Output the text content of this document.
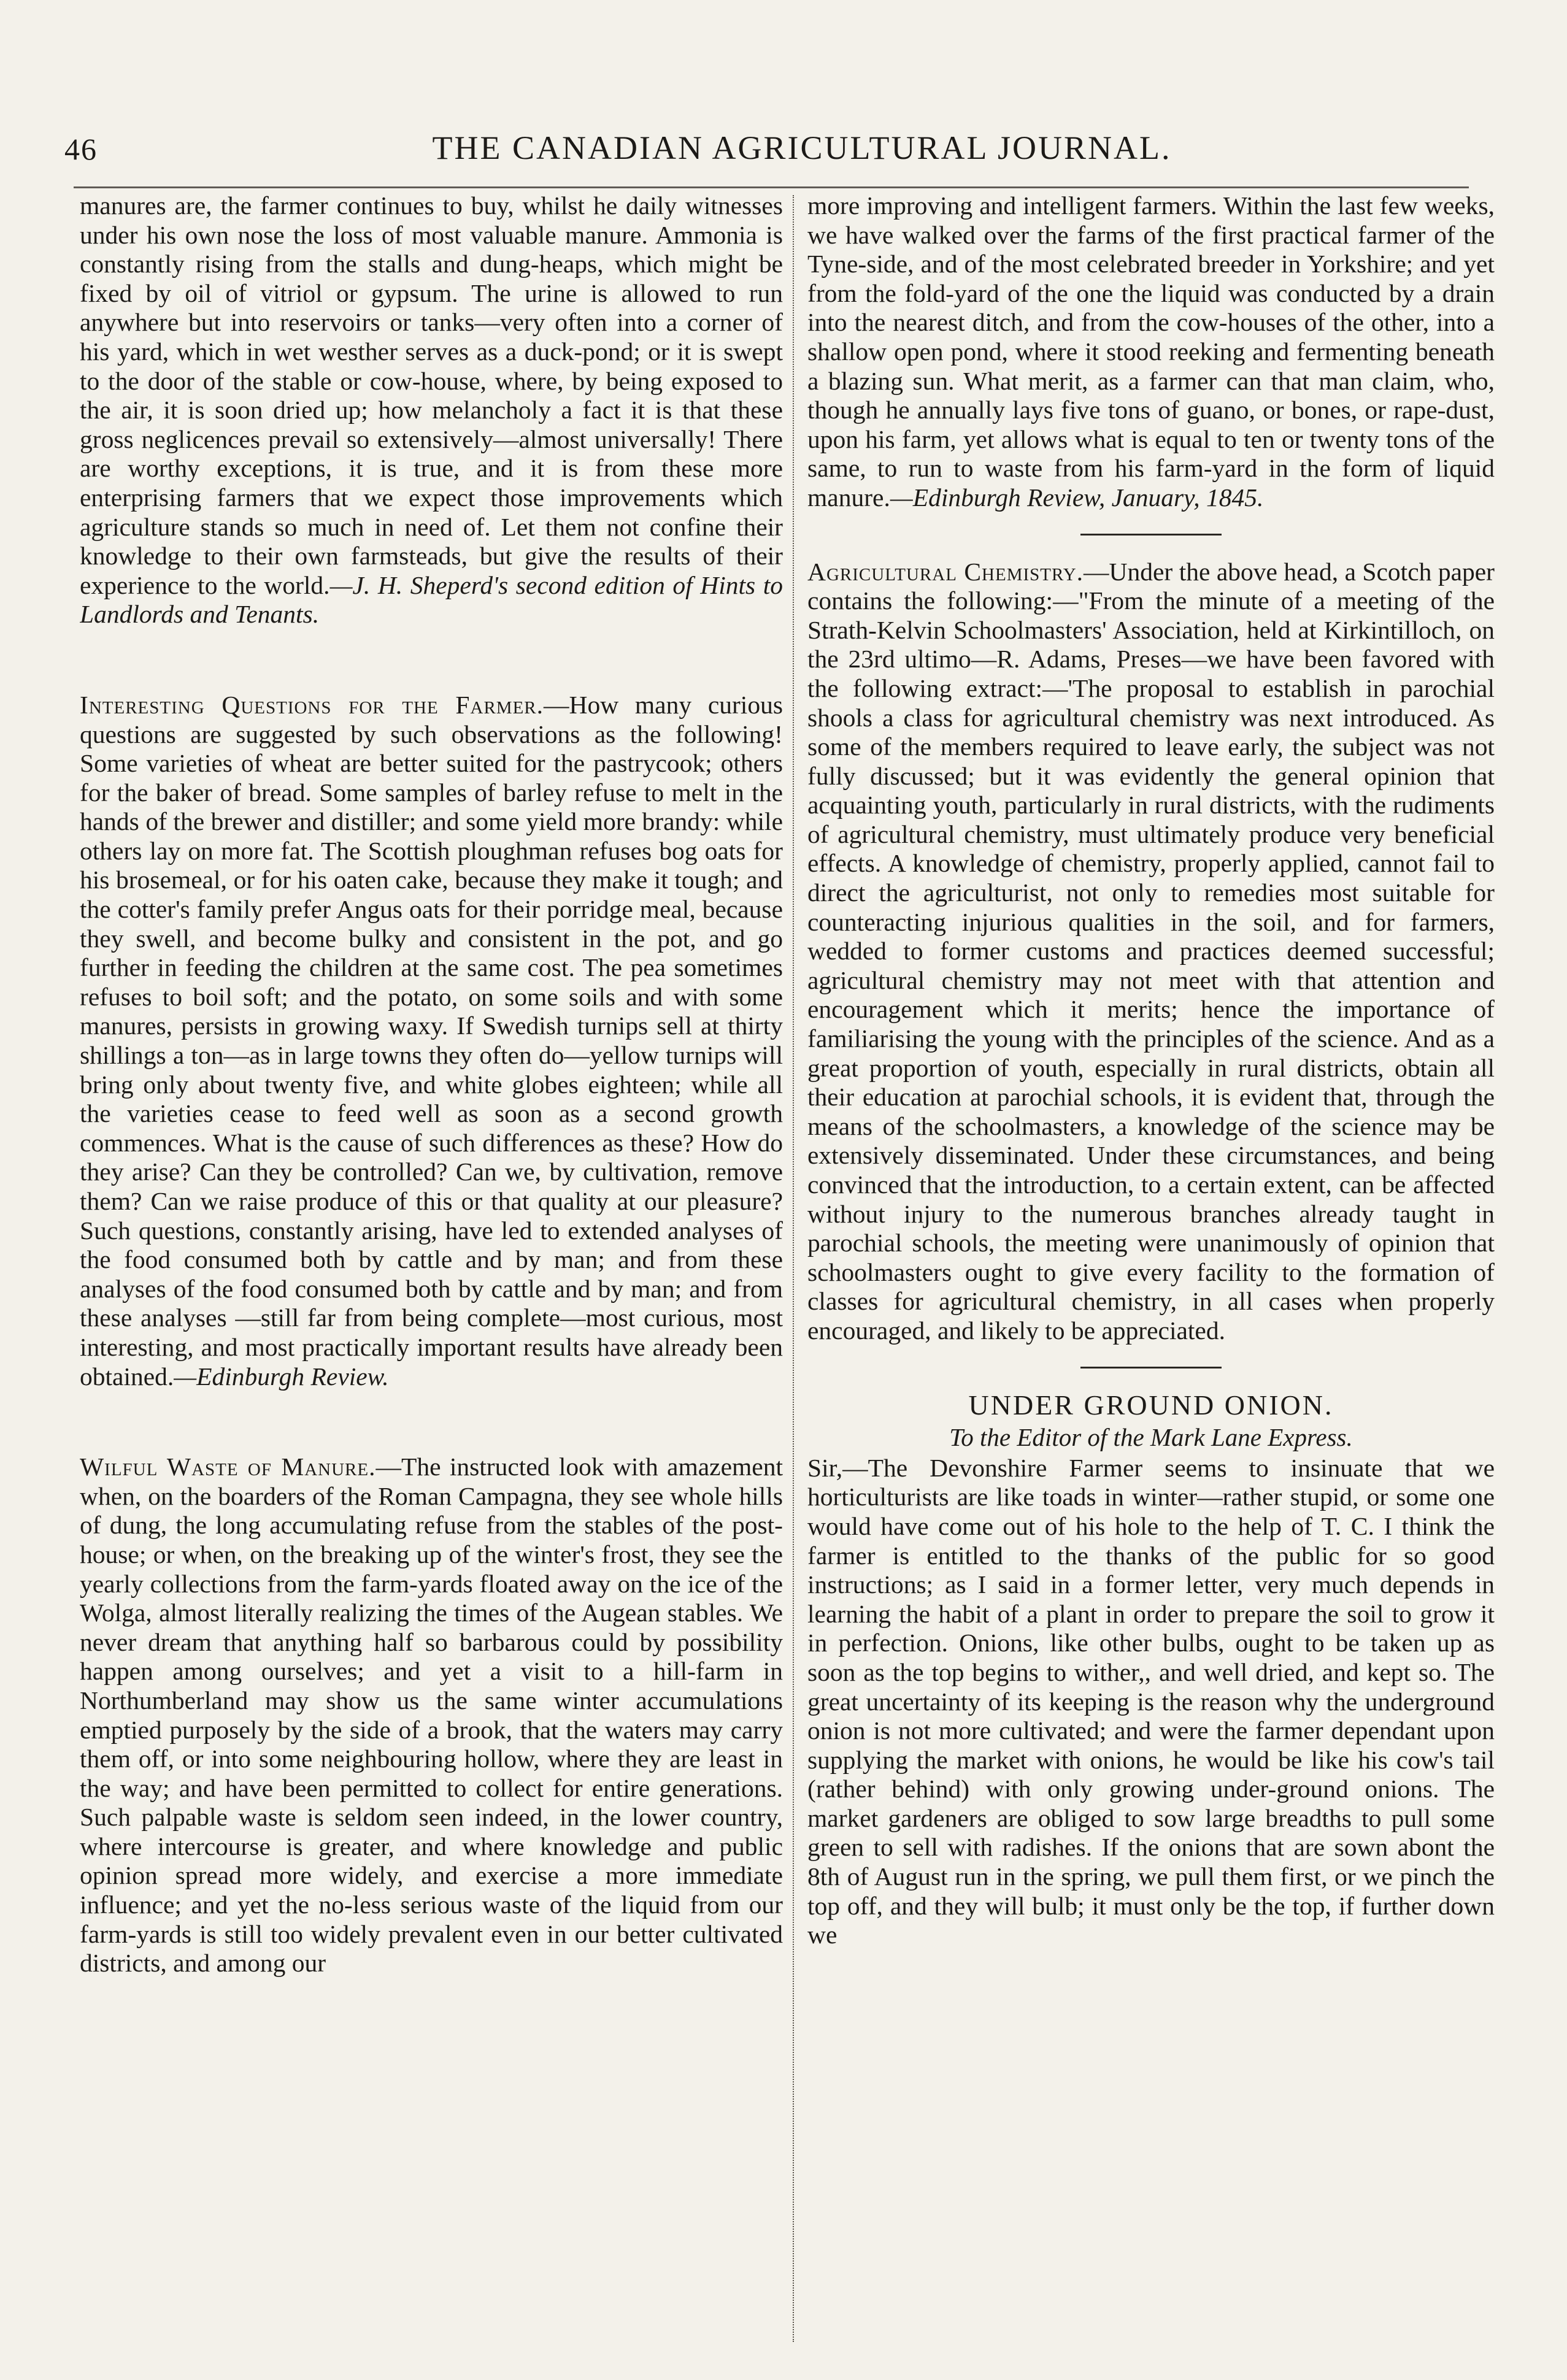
46	THE CANADIAN AGRICULTURAL JOURNAL.

manures are, the farmer continues to buy, whilst he daily witnesses under his own nose the loss of most valuable manure. Ammonia is constantly rising from the stalls and dung-heaps, which might be fixed by oil of vitriol or gypsum. The urine is allowed to run anywhere but into reservoirs or tanks—very often into a corner of his yard, which in wet westher serves as a duck-pond; or it is swept to the door of the stable or cow-house, where, by being exposed to the air, it is soon dried up; how melancholy a fact it is that these gross neglicences prevail so extensively—almost universally! There are worthy exceptions, it is true, and it is from these more enterprising farmers that we expect those improvements which agriculture stands so much in need of. Let them not confine their knowledge to their own farmsteads, but give the results of their experience to the world.—J. H. Sheperd's second edition of Hints to Landlords and Tenants.

Interesting Questions for the Farmer.—How many curious questions are suggested by such observations as the following! Some varieties of wheat are better suited for the pastrycook; others for the baker of bread. Some samples of barley refuse to melt in the hands of the brewer and distiller; and some yield more brandy: while others lay on more fat. The Scottish ploughman refuses bog oats for his brosemeal, or for his oaten cake, because they make it tough; and the cotter's family prefer Angus oats for their porridge meal, because they swell, and become bulky and consistent in the pot, and go further in feeding the children at the same cost. The pea sometimes refuses to boil soft; and the potato, on some soils and with some manures, persists in growing waxy. If Swedish turnips sell at thirty shillings a ton—as in large towns they often do—yellow turnips will bring only about twenty five, and white globes eighteen; while all the varieties cease to feed well as soon as a second growth commences. What is the cause of such differences as these? How do they arise? Can they be controlled? Can we, by cultivation, remove them? Can we raise produce of this or that quality at our pleasure? Such questions, constantly arising, have led to extended analyses of the food consumed both by cattle and by man; and from these analyses of the food consumed both by cattle and by man; and from these analyses —still far from being complete—most curious, most interesting, and most practically important results have already been obtained.—Edinburgh Review.

Wilful Waste of Manure.—The instructed look with amazement when, on the boarders of the Roman Campagna, they see whole hills of dung, the long accumulating refuse from the stables of the post-house; or when, on the breaking up of the winter's frost, they see the yearly collections from the farm-yards floated away on the ice of the Wolga, almost literally realizing the times of the Augean stables. We never dream that anything half so barbarous could by possibility happen among ourselves; and yet a visit to a hill-farm in Northumberland may show us the same winter accumulations emptied purposely by the side of a brook, that the waters may carry them off, or into some neighbouring hollow, where they are least in the way; and have been permitted to collect for entire generations. Such palpable waste is seldom seen indeed, in the lower country, where intercourse is greater, and where knowledge and public opinion spread more widely, and exercise a more immediate influence; and yet the no-less serious waste of the liquid from our farm-yards is still too widely prevalent even in our better cultivated districts, and among our

more improving and intelligent farmers. Within the last few weeks, we have walked over the farms of the first practical farmer of the Tyne-side, and of the most celebrated breeder in Yorkshire; and yet from the fold-yard of the one the liquid was conducted by a drain into the nearest ditch, and from the cow-houses of the other, into a shallow open pond, where it stood reeking and fermenting beneath a blazing sun. What merit, as a farmer can that man claim, who, though he annually lays five tons of guano, or bones, or rape-dust, upon his farm, yet allows what is equal to ten or twenty tons of the same, to run to waste from his farm-yard in the form of liquid manure.—Edinburgh Review, January, 1845.

Agricultural Chemistry.—Under the above head, a Scotch paper contains the following:—"From the minute of a meeting of the Strath-Kelvin Schoolmasters' Association, held at Kirkintilloch, on the 23rd ultimo—R. Adams, Preses—we have been favored with the following extract:—'The proposal to establish in parochial shools a class for agricultural chemistry was next introduced. As some of the members required to leave early, the subject was not fully discussed; but it was evidently the general opinion that acquainting youth, particularly in rural districts, with the rudiments of agricultural chemistry, must ultimately produce very beneficial effects. A knowledge of chemistry, properly applied, cannot fail to direct the agriculturist, not only to remedies most suitable for counteracting injurious qualities in the soil, and for farmers, wedded to former customs and practices deemed successful; agricultural chemistry may not meet with that attention and encouragement which it merits; hence the importance of familiarising the young with the principles of the science. And as a great proportion of youth, especially in rural districts, obtain all their education at parochial schools, it is evident that, through the means of the schoolmasters, a knowledge of the science may be extensively disseminated. Under these circumstances, and being convinced that the introduction, to a certain extent, can be affected without injury to the numerous branches already taught in parochial schools, the meeting were unanimously of opinion that schoolmasters ought to give every facility to the formation of classes for agricultural chemistry, in all cases when properly encouraged, and likely to be appreciated.

UNDER GROUND ONION.
To the Editor of the Mark Lane Express.

Sir,—The Devonshire Farmer seems to insinuate that we horticulturists are like toads in winter—rather stupid, or some one would have come out of his hole to the help of T. C. I think the farmer is entitled to the thanks of the public for so good instructions; as I said in a former letter, very much depends in learning the habit of a plant in order to prepare the soil to grow it in perfection. Onions, like other bulbs, ought to be taken up as soon as the top begins to wither,, and well dried, and kept so. The great uncertainty of its keeping is the reason why the underground onion is not more cultivated; and were the farmer dependant upon supplying the market with onions, he would be like his cow's tail (rather behind) with only growing under-ground onions. The market gardeners are obliged to sow large breadths to pull some green to sell with radishes. If the onions that are sown abont the 8th of August run in the spring, we pull them first, or we pinch the top off, and they will bulb; it must only be the top, if further down we
